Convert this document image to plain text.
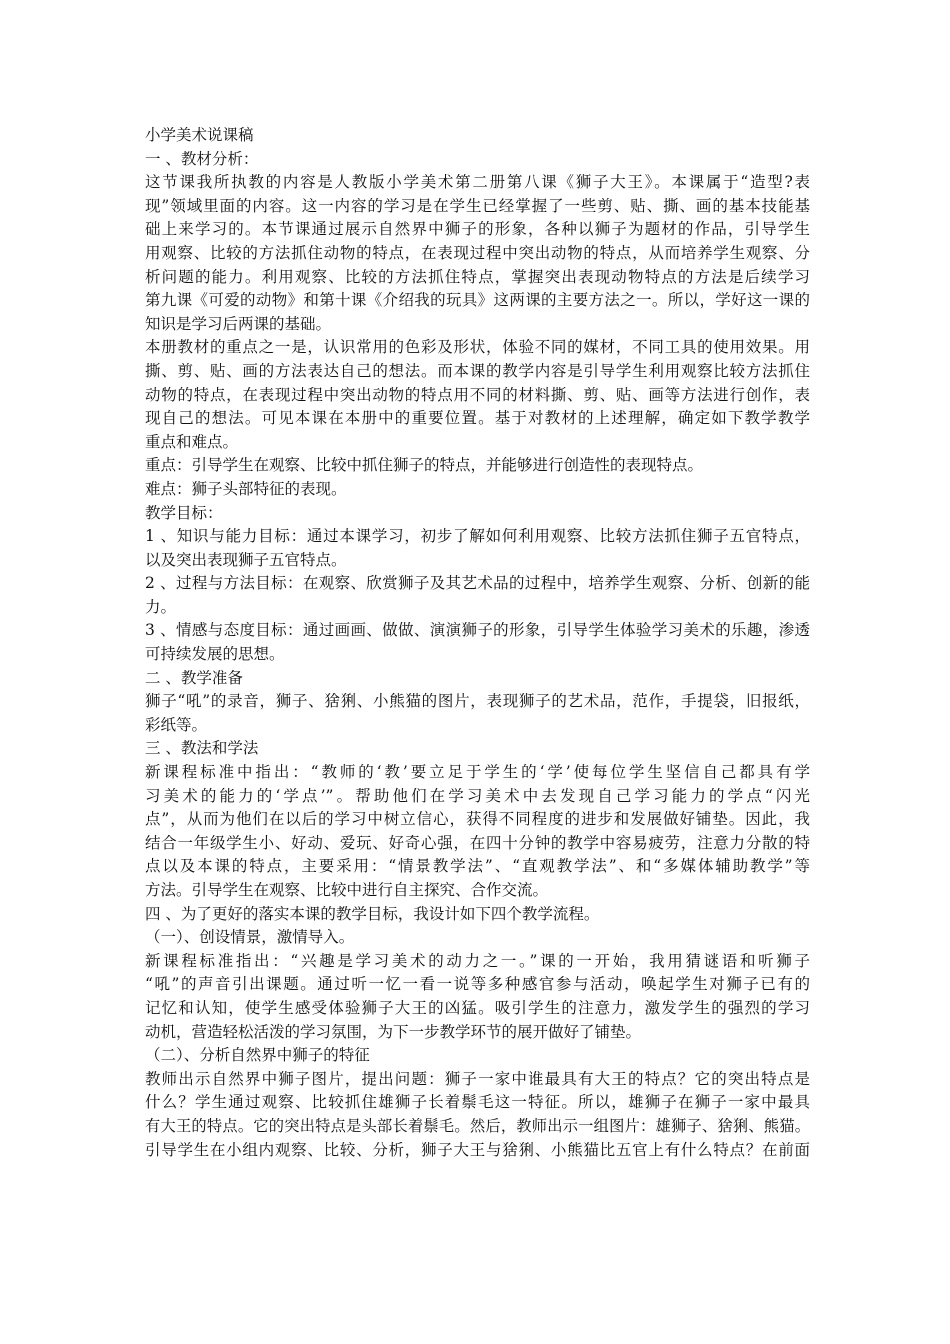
小学美术说课稿
一 、教材分析：
这节课我所执教的内容是人教版小学美术第二册第八课《狮子大王》。本课属于“造型?表
现”领域里面的内容。这一内容的学习是在学生已经掌握了一些剪、贴、撕、画的基本技能基
础上来学习的。本节课通过展示自然界中狮子的形象，各种以狮子为题材的作品，引导学生
用观察、比较的方法抓住动物的特点，在表现过程中突出动物的特点，从而培养学生观察、分
析问题的能力。利用观察、比较的方法抓住特点，掌握突出表现动物特点的方法是后续学习
第九课《可爱的动物》和第十课《介绍我的玩具》这两课的主要方法之一。所以，学好这一课的
知识是学习后两课的基础。
本册教材的重点之一是，认识常用的色彩及形状，体验不同的媒材，不同工具的使用效果。用
撕、剪、贴、画的方法表达自己的想法。而本课的教学内容是引导学生利用观察比较方法抓住
动物的特点，在表现过程中突出动物的特点用不同的材料撕、剪、贴、画等方法进行创作，表
现自己的想法。可见本课在本册中的重要位置。基于对教材的上述理解，确定如下教学教学
重点和难点。
重点：引导学生在观察、比较中抓住狮子的特点，并能够进行创造性的表现特点。
难点：狮子头部特征的表现。
教学目标：
1 、知识与能力目标：通过本课学习，初步了解如何利用观察、比较方法抓住狮子五官特点，
以及突出表现狮子五官特点。
2 、过程与方法目标：在观察、欣赏狮子及其艺术品的过程中，培养学生观察、分析、创新的能
力。
3 、情感与态度目标：通过画画、做做、演演狮子的形象，引导学生体验学习美术的乐趣，渗透
可持续发展的思想。
二 、教学准备
狮子“吼”的录音，狮子、猞猁、小熊猫的图片，表现狮子的艺术品，范作，手提袋，旧报纸，
彩纸等。
三 、教法和学法
新课程标准中指出：“教师的‘教’要立足于学生的‘学’使每位学生坚信自己都具有学
习美术的能力的‘学点’”。帮助他们在学习美术中去发现自己学习能力的学点“闪光
点”，从而为他们在以后的学习中树立信心，获得不同程度的进步和发展做好铺垫。因此，我
结合一年级学生小、好动、爱玩、好奇心强，在四十分钟的教学中容易疲劳，注意力分散的特
点以及本课的特点，主要采用：“情景教学法”、“直观教学法”、和“多媒体辅助教学”等
方法。引导学生在观察、比较中进行自主探究、合作交流。
四 、为了更好的落实本课的教学目标，我设计如下四个教学流程。
（一）、创设情景，激情导入。
新课程标准指出：“兴趣是学习美术的动力之一。”课的一开始，我用猜谜语和听狮子
“吼”的声音引出课题。通过听一忆一看一说等多种感官参与活动，唤起学生对狮子已有的
记忆和认知，使学生感受体验狮子大王的凶猛。吸引学生的注意力，激发学生的强烈的学习
动机，营造轻松活泼的学习氛围，为下一步教学环节的展开做好了铺垫。
（二）、分析自然界中狮子的特征
教师出示自然界中狮子图片，提出问题：狮子一家中谁最具有大王的特点？它的突出特点是
什么？学生通过观察、比较抓住雄狮子长着鬃毛这一特征。所以，雄狮子在狮子一家中最具
有大王的特点。它的突出特点是头部长着鬃毛。然后，教师出示一组图片：雄狮子、猞猁、熊猫。
引导学生在小组内观察、比较、分析，狮子大王与猞猁、小熊猫比五官上有什么特点？在前面
